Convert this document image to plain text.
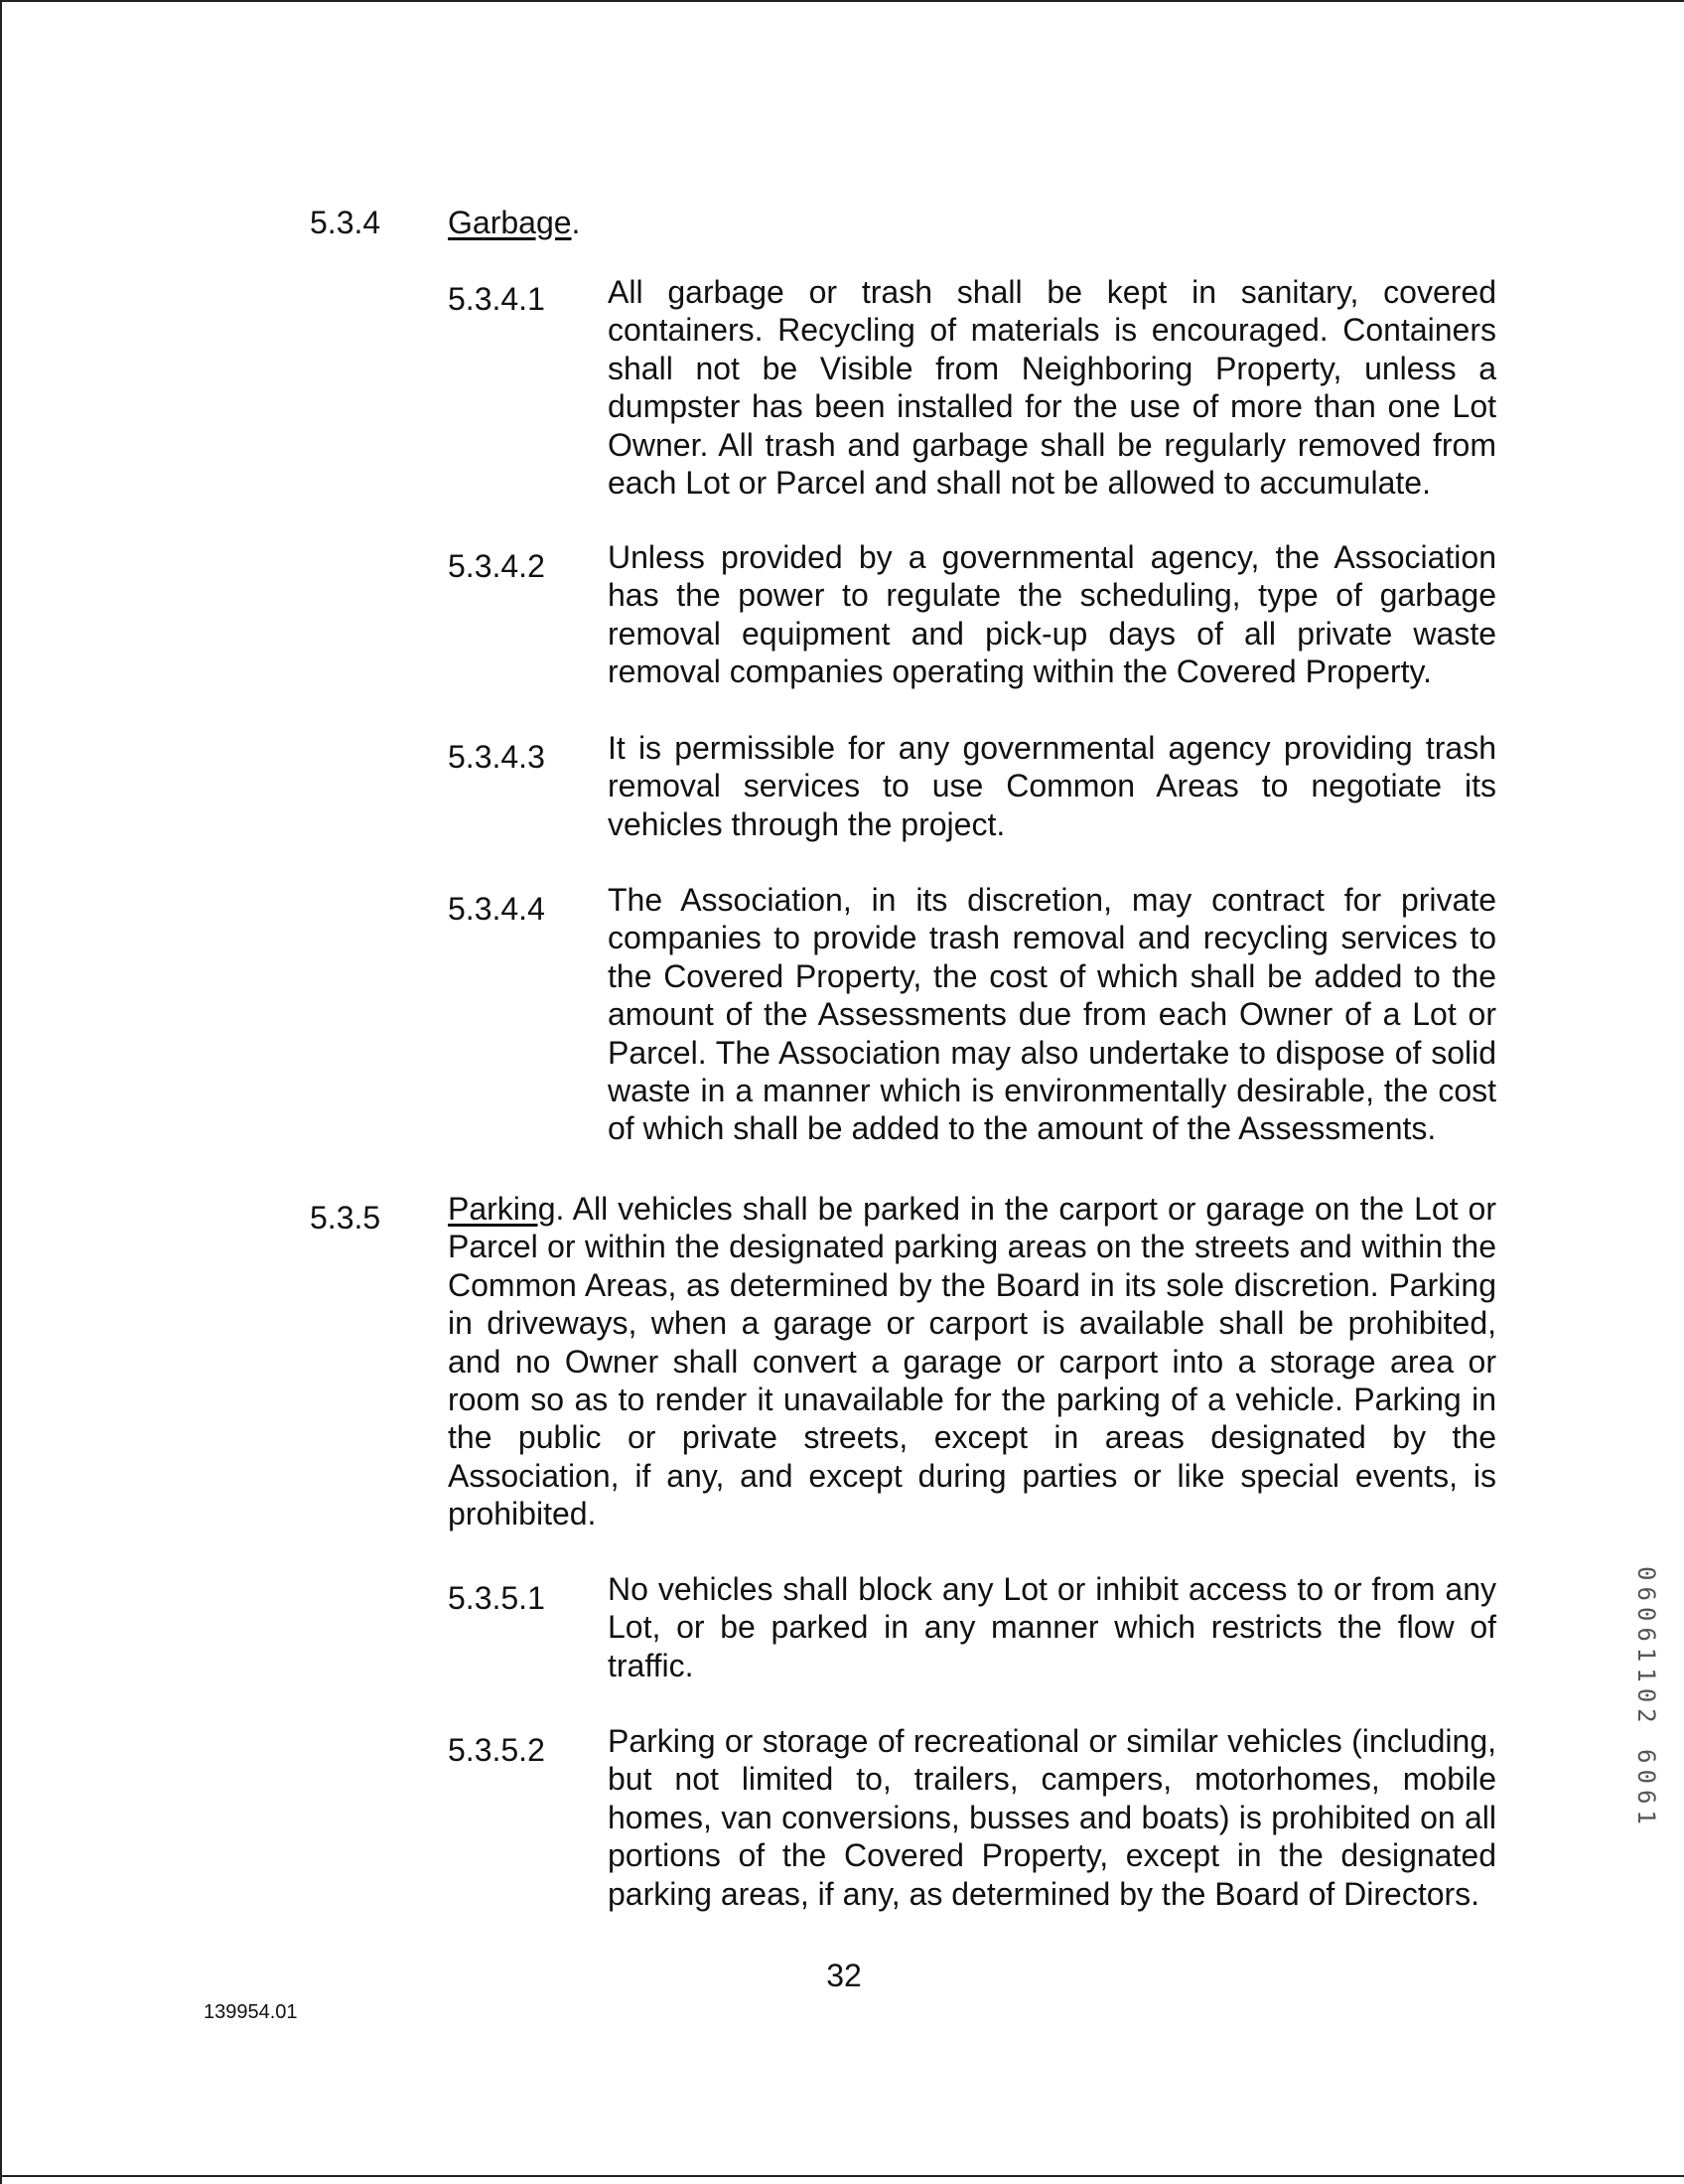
5.3.4 Garbage.
5.3.4.1 All garbage or trash shall be kept in sanitary, covered containers. Recycling of materials is encouraged. Containers shall not be Visible from Neighboring Property, unless a dumpster has been installed for the use of more than one Lot Owner. All trash and garbage shall be regularly removed from each Lot or Parcel and shall not be allowed to accumulate.
5.3.4.2 Unless provided by a governmental agency, the Association has the power to regulate the scheduling, type of garbage removal equipment and pick-up days of all private waste removal companies operating within the Covered Property.
5.3.4.3 It is permissible for any governmental agency providing trash removal services to use Common Areas to negotiate its vehicles through the project.
5.3.4.4 The Association, in its discretion, may contract for private companies to provide trash removal and recycling services to the Covered Property, the cost of which shall be added to the amount of the Assessments due from each Owner of a Lot or Parcel. The Association may also undertake to dispose of solid waste in a manner which is environmentally desirable, the cost of which shall be added to the amount of the Assessments.
5.3.5 Parking. All vehicles shall be parked in the carport or garage on the Lot or Parcel or within the designated parking areas on the streets and within the Common Areas, as determined by the Board in its sole discretion. Parking in driveways, when a garage or carport is available shall be prohibited, and no Owner shall convert a garage or carport into a storage area or room so as to render it unavailable for the parking of a vehicle. Parking in the public or private streets, except in areas designated by the Association, if any, and except during parties or like special events, is prohibited.
5.3.5.1 No vehicles shall block any Lot or inhibit access to or from any Lot, or be parked in any manner which restricts the flow of traffic.
5.3.5.2 Parking or storage of recreational or similar vehicles (including, but not limited to, trailers, campers, motorhomes, mobile homes, van conversions, busses and boats) is prohibited on all portions of the Covered Property, except in the designated parking areas, if any, as determined by the Board of Directors.
32
139954.01
06061102 6061
